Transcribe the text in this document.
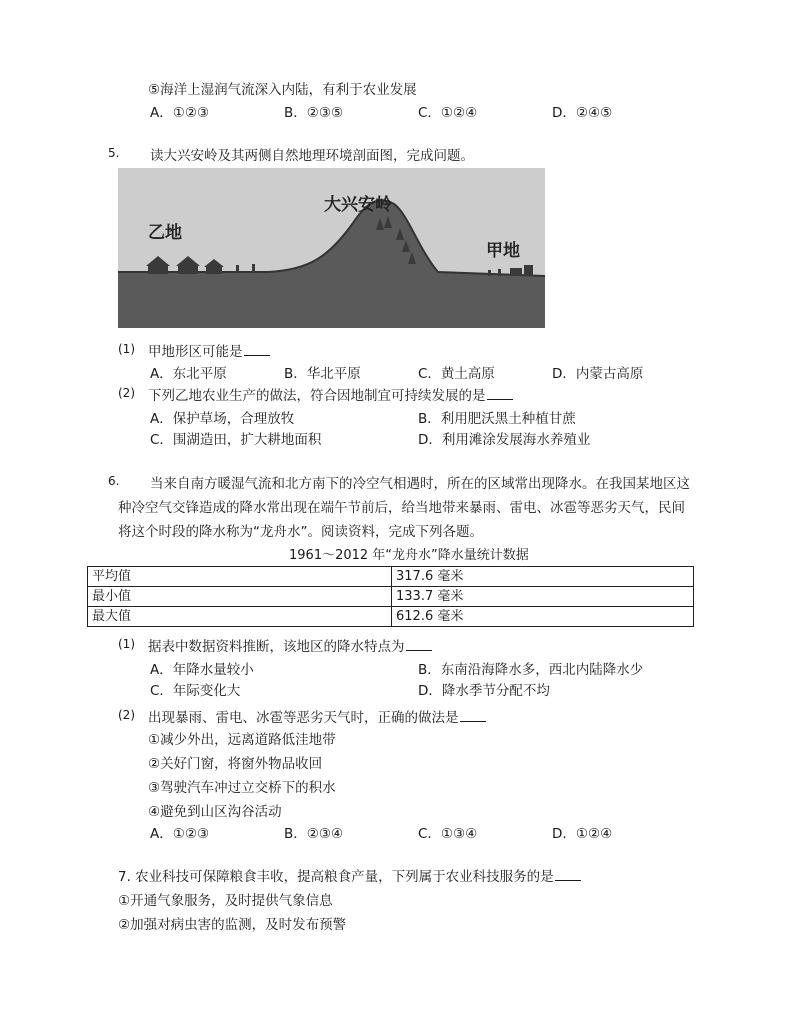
⑤海洋上湿润气流深入内陆，有利于农业发展
A．①②③	B．②③⑤	C．①②④	D．②④⑤
5. 读大兴安岭及其两侧自然地理环境剖面图，完成问题。
大兴安岭
乙地
甲地
(1) 甲地形区可能是
A．东北平原	B．华北平原	C．黄土高原	D．内蒙古高原
(2) 下列乙地农业生产的做法，符合因地制宜可持续发展的是
A．保护草场，合理放牧	B．利用肥沃黑土种植甘蔗
C．围湖造田，扩大耕地面积	D．利用滩涂发展海水养殖业
6. 当来自南方暖湿气流和北方南下的冷空气相遇时，所在的区域常出现降水。在我国某地区这
种冷空气交锋造成的降水常出现在端午节前后，给当地带来暴雨、雷电、冰雹等恶劣天气，民间
将这个时段的降水称为“龙舟水”。阅读资料，完成下列各题。
1961～2012 年“龙舟水”降水量统计数据
平均值	317.6 毫米
最小值	133.7 毫米
最大值	612.6 毫米
(1) 据表中数据资料推断，该地区的降水特点为
A．年降水量较小	B．东南沿海降水多，西北内陆降水少
C．年际变化大	D．降水季节分配不均
(2) 出现暴雨、雷电、冰雹等恶劣天气时，正确的做法是
①减少外出，远离道路低洼地带
②关好门窗，将窗外物品收回
③驾驶汽车冲过立交桥下的积水
④避免到山区沟谷活动
A．①②③	B．②③④	C．①③④	D．①②④
7. 农业科技可保障粮食丰收，提高粮食产量，下列属于农业科技服务的是
①开通气象服务，及时提供气象信息
②加强对病虫害的监测，及时发布预警
